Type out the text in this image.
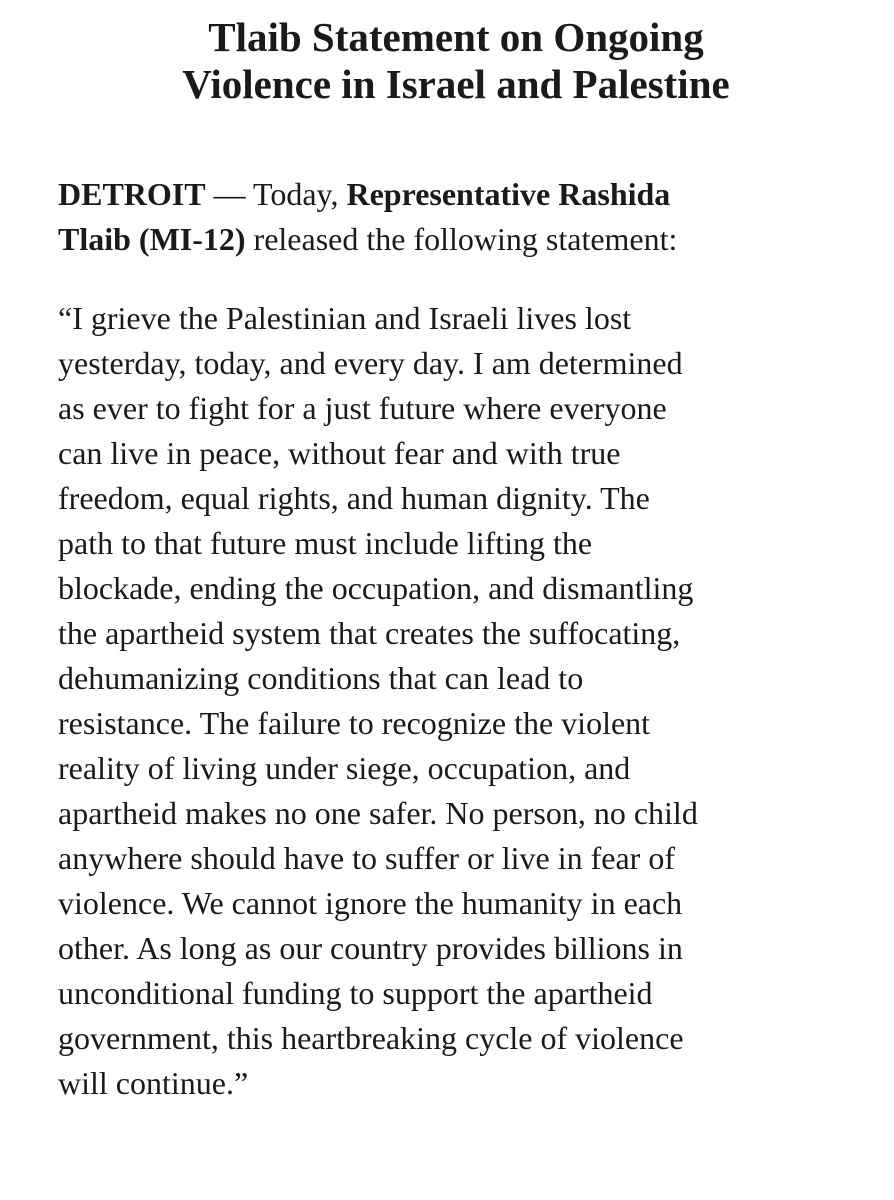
Tlaib Statement on Ongoing
Violence in Israel and Palestine

DETROIT — Today, Representative Rashida
Tlaib (MI-12) released the following statement:

“I grieve the Palestinian and Israeli lives lost
yesterday, today, and every day. I am determined
as ever to fight for a just future where everyone
can live in peace, without fear and with true
freedom, equal rights, and human dignity. The
path to that future must include lifting the
blockade, ending the occupation, and dismantling
the apartheid system that creates the suffocating,
dehumanizing conditions that can lead to
resistance. The failure to recognize the violent
reality of living under siege, occupation, and
apartheid makes no one safer. No person, no child
anywhere should have to suffer or live in fear of
violence. We cannot ignore the humanity in each
other. As long as our country provides billions in
unconditional funding to support the apartheid
government, this heartbreaking cycle of violence
will continue.”
